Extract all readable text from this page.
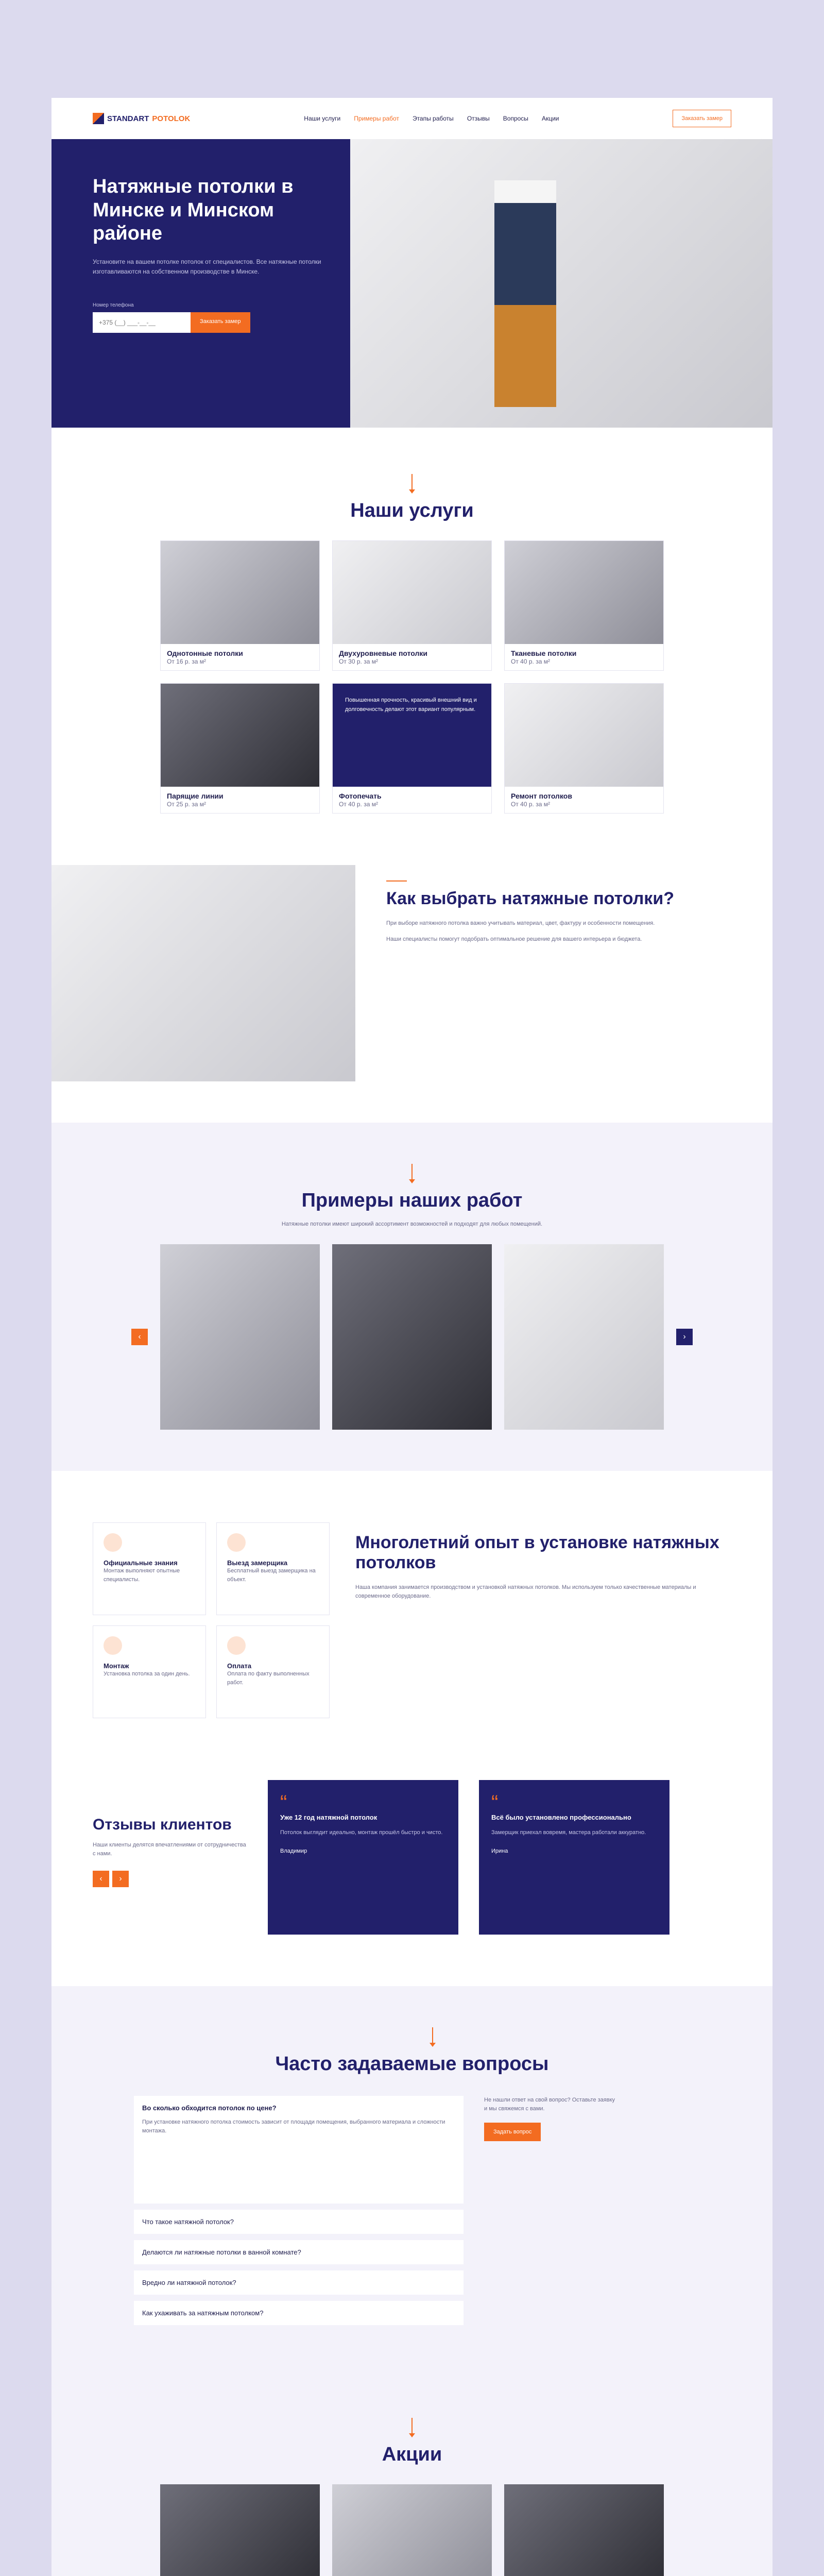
STANDART POTOLOK	Наши услуги Примеры работ Этапы работы Отзывы Вопросы Акции	Заказать замер
Натяжные потолки в Минске и Минском районе

Установите на вашем потолке потолок от специалистов. Все натяжные потолки изготавливаются на собственном производстве в Минске.

Номер телефона
+375 (__) ___-__-__
Заказать замер
Наши услуги
Однотонные потолки
От 16 р. за м²
Двухуровневые потолки
От 30 р. за м²
Тканевые потолки
От 40 р. за м²
Парящие линии
От 25 р. за м²
Повышенная прочность, красивый внешний вид и долговечность делают этот вариант популярным.
Фотопечать
От 40 р. за м²
Ремонт потолков
От 40 р. за м²
Как выбрать натяжные потолки?

При выборе натяжного потолка важно учитывать материал, цвет, фактуру и особенности помещения.

Наши специалисты помогут подобрать оптимальное решение для вашего интерьера и бюджета.

Примеры наших работ

Натяжные потолки имеют широкий ассортимент возможностей и подходят для любых помещений.

‹	›
Официальные знания

Монтаж выполняют опытные специалисты.

Выезд замерщика

Бесплатный выезд замерщика на объект.

Монтаж

Установка потолка за один день.

Оплата

Оплата по факту выполненных работ.

Многолетний опыт в установке натяжных потолков

Наша компания занимается производством и установкой натяжных потолков. Мы используем только качественные материалы и современное оборудование.

Отзывы клиентов

Наши клиенты делятся впечатлениями от сотрудничества с нами.

‹	›
“
Уже 12 год натяжной потолок

Потолок выглядит идеально, монтаж прошёл быстро и чисто.

Владимир

“
Всё было установлено профессионально

Замерщик приехал вовремя, мастера работали аккуратно.

Ирина

Часто задаваемые вопросы
Во сколько обходится потолок по цене?

При установке натяжного потолка стоимость зависит от площади помещения, выбранного материала и сложности монтажа.

Что такое натяжной потолок?
Делаются ли натяжные потолки в ванной комнате?
Вредно ли натяжной потолок?
Как ухаживать за натяжным потолком?

Не нашли ответ на свой вопрос? Оставьте заявку и мы свяжемся с вами.

Задать вопрос
Акции
